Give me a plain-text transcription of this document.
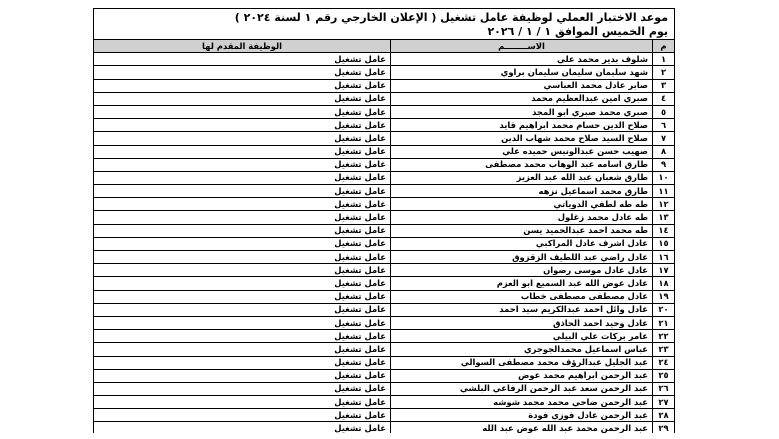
موعد الاختبار العملي لوظيفة عامل تشغيل ( الإعلان الخارجي رقم ١ لسنة ٢٠٢٤ )
يوم الخميس الموافق ١ / ١ / ٢٠٢٦
م	الاســــــــم	الوظيفة المقدم لها
١	شلوف بدير محمد علي	عامل تشغيل
٢	شهد سليمان سليمان سليمان براوي	عامل تشغيل
٣	صابر عادل محمد العباسي	عامل تشغيل
٤	صبري امين عبدالعظيم محمد	عامل تشغيل
٥	صبري محمد صبري ابو المجد	عامل تشغيل
٦	صلاح الدين حسام محمد ابراهيم قايد	عامل تشغيل
٧	صلاح السيد صلاح محمد شهاب الدين	عامل تشغيل
٨	صهيب حسن عبدالونيس حميده علي	عامل تشغيل
٩	طارق اسامه عبد الوهاب محمد مصطفى	عامل تشغيل
١٠	طارق شعبان عبد الله عبد العزيز	عامل تشغيل
١١	طارق محمد اسماعيل نزهه	عامل تشغيل
١٢	طه طه لطفي الدوياتي	عامل تشغيل
١٣	طه عادل محمد زغلول	عامل تشغيل
١٤	طه محمد احمد عبدالحميد يسن	عامل تشغيل
١٥	عادل اشرف عادل المراكبي	عامل تشغيل
١٦	عادل راضي عبد اللطيف الزقزوق	عامل تشغيل
١٧	عادل عادل موسى رضوان	عامل تشغيل
١٨	عادل عوض الله عبد السميع ابو العزم	عامل تشغيل
١٩	عادل مصطفى مصطفى خطاب	عامل تشغيل
٢٠	عادل وائل احمد عبدالكريم سيد احمد	عامل تشغيل
٢١	عادل وحيد احمد الحاذق	عامل تشغيل
٢٢	عامر بركات علي البيلي	عامل تشغيل
٢٣	عباس اسماعيل محمدالجوجري	عامل تشغيل
٢٤	عبد الجليل عبدالرؤف محمد مصطفى السوالي	عامل تشغيل
٢٥	عبد الرحمن ابراهيم محمد عوض	عامل تشغيل
٢٦	عبد الرحمن سعد عبد الرحمن الرفاعي البلشي	عامل تشغيل
٢٧	عبد الرحمن ضاحي محمد محمد شوشه	عامل تشغيل
٢٨	عبد الرحمن عادل فوزي فودة	عامل تشغيل
٢٩	عبد الرحمن محمد عبد الله عوض عبد الله	عامل تشغيل
